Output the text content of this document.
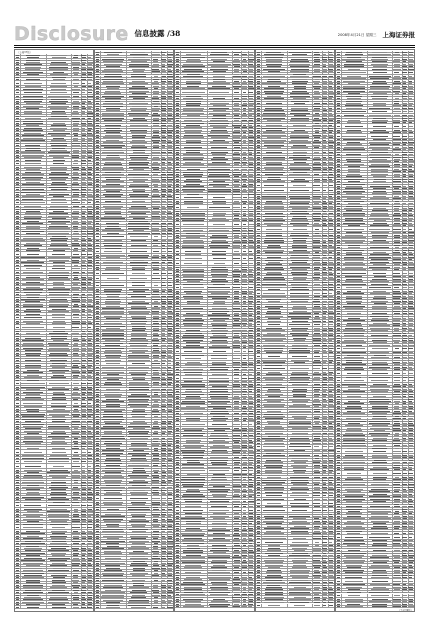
Disclosure 信息披露 /38	2008年4月21日 星期三 上海证券报
（上接37版）
（下转39版）
